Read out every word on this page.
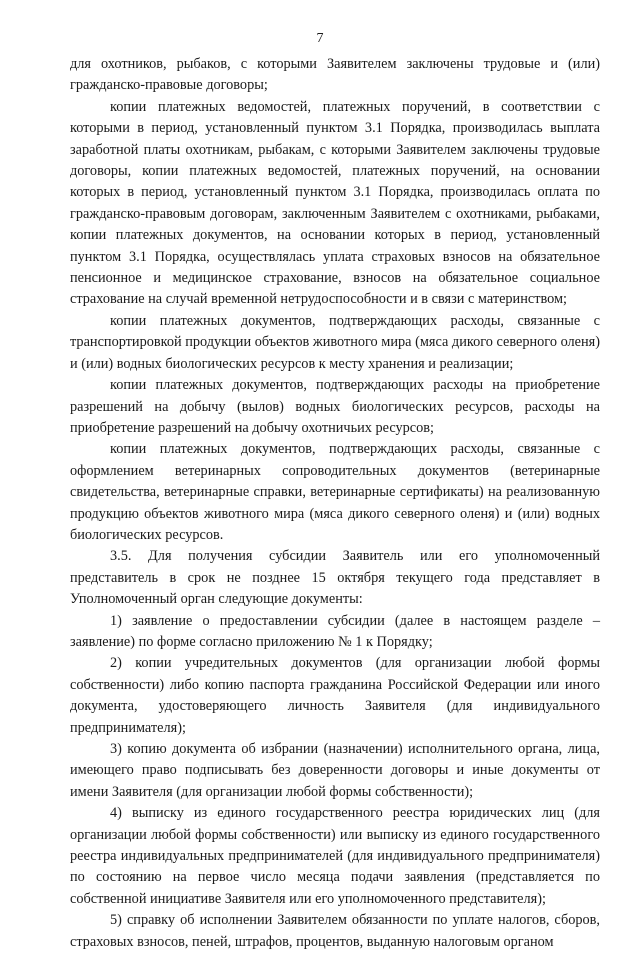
7

для охотников, рыбаков, с которыми Заявителем заключены трудовые и (или) гражданско-правовые договоры;

копии платежных ведомостей, платежных поручений, в соответствии с которыми в период, установленный пунктом 3.1 Порядка, производилась выплата заработной платы охотникам, рыбакам, с которыми Заявителем заключены трудовые договоры, копии платежных ведомостей, платежных поручений, на основании которых в период, установленный пунктом 3.1 Порядка, производилась оплата по гражданско-правовым договорам, заключенным Заявителем с охотниками, рыбаками, копии платежных документов, на основании которых в период, установленный пунктом 3.1 Порядка, осуществлялась уплата страховых взносов на обязательное пенсионное и медицинское страхование, взносов на обязательное социальное страхование на случай временной нетрудоспособности и в связи с материнством;

копии платежных документов, подтверждающих расходы, связанные с транспортировкой продукции объектов животного мира (мяса дикого северного оленя) и (или) водных биологических ресурсов к месту хранения и реализации;

копии платежных документов, подтверждающих расходы на приобретение разрешений на добычу (вылов) водных биологических ресурсов, расходы на приобретение разрешений на добычу охотничьих ресурсов;

копии платежных документов, подтверждающих расходы, связанные с оформлением ветеринарных сопроводительных документов (ветеринарные свидетельства, ветеринарные справки, ветеринарные сертификаты) на реализованную продукцию объектов животного мира (мяса дикого северного оленя) и (или) водных биологических ресурсов.

3.5. Для получения субсидии Заявитель или его уполномоченный представитель в срок не позднее 15 октября текущего года представляет в Уполномоченный орган следующие документы:

1) заявление о предоставлении субсидии (далее в настоящем разделе – заявление) по форме согласно приложению № 1 к Порядку;

2) копии учредительных документов (для организации любой формы собственности) либо копию паспорта гражданина Российской Федерации или иного документа, удостоверяющего личность Заявителя (для индивидуального предпринимателя);

3) копию документа об избрании (назначении) исполнительного органа, лица, имеющего право подписывать без доверенности договоры и иные документы от имени Заявителя (для организации любой формы собственности);

4) выписку из единого государственного реестра юридических лиц (для организации любой формы собственности) или выписку из единого государственного реестра индивидуальных предпринимателей (для индивидуального предпринимателя) по состоянию на первое число месяца подачи заявления (представляется по собственной инициативе Заявителя или его уполномоченного представителя);

5) справку об исполнении Заявителем обязанности по уплате налогов, сборов, страховых взносов, пеней, штрафов, процентов, выданную налоговым органом
